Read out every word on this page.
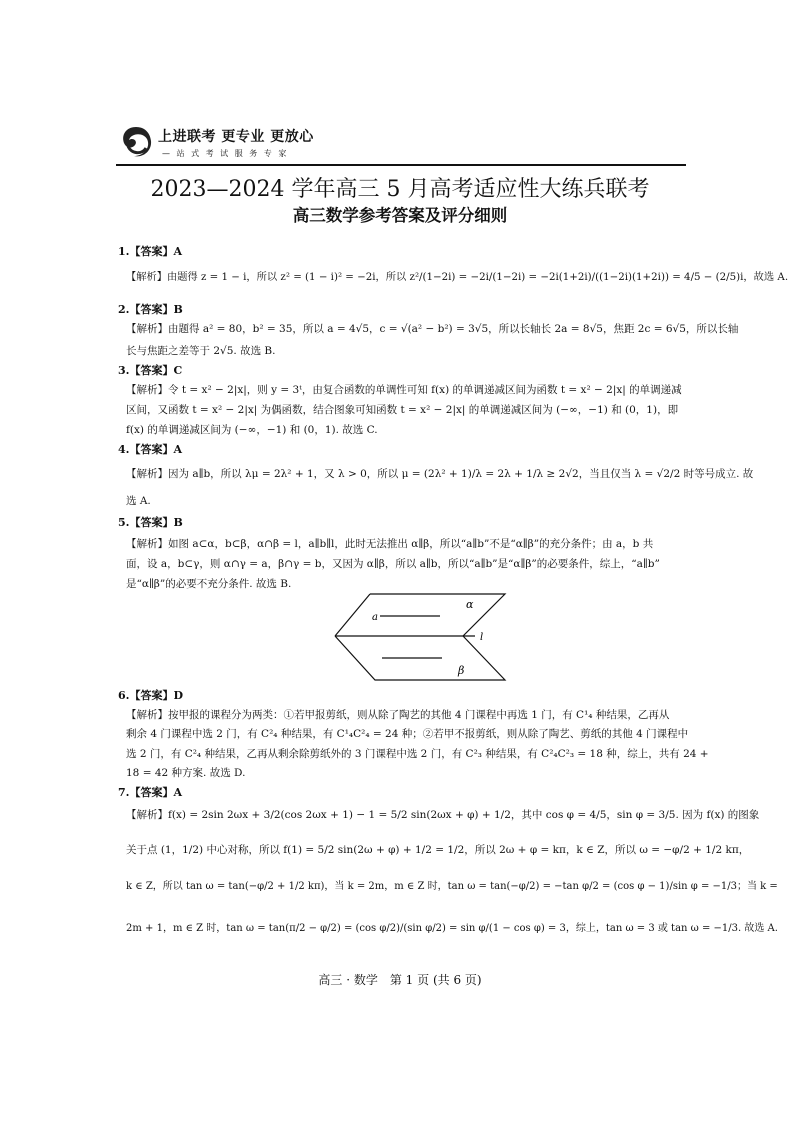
上进联考 更专业 更放心
— 站 式 考 试 服 务 专 家
2023—2024 学年高三 5 月高考适应性大练兵联考
高三数学参考答案及评分细则
1.【答案】A
【解析】由题得 z = 1 − i，所以 z² = (1 − i)² = −2i，所以 z²/(1−2i) = −2i/(1−2i) = −2i(1+2i)/((1−2i)(1+2i)) = 4/5 − (2/5)i，故选 A.
2.【答案】B
【解析】由题得 a² = 80，b² = 35，所以 a = 4√5，c = √(a² − b²) = 3√5，所以长轴长 2a = 8√5，焦距 2c = 6√5，所以长轴
长与焦距之差等于 2√5. 故选 B.
3.【答案】C
【解析】令 t = x² − 2|x|，则 y = 3ᵗ，由复合函数的单调性可知 f(x) 的单调递减区间为函数 t = x² − 2|x| 的单调递减
区间，又函数 t = x² − 2|x| 为偶函数，结合图象可知函数 t = x² − 2|x| 的单调递减区间为 (−∞，−1) 和 (0，1)，即
f(x) 的单调递减区间为 (−∞，−1) 和 (0，1). 故选 C.
4.【答案】A
【解析】因为 a∥b，所以 λμ = 2λ² + 1，又 λ > 0，所以 μ = (2λ² + 1)/λ = 2λ + 1/λ ≥ 2√2，当且仅当 λ = √2/2 时等号成立. 故
选 A.
5.【答案】B
【解析】如图 a⊂α，b⊂β，α∩β = l，a∥b∥l，此时无法推出 α∥β，所以“a∥b”不是“α∥β”的充分条件；由 a，b 共
面，设 a，b⊂γ，则 α∩γ = a，β∩γ = b，又因为 α∥β，所以 a∥b，所以“a∥b”是“α∥β”的必要条件，综上，“a∥b”
是“α∥β”的必要不充分条件. 故选 B.
α
a
l
β
6.【答案】D
【解析】按甲报的课程分为两类：①若甲报剪纸，则从除了陶艺的其他 4 门课程中再选 1 门，有 C¹₄ 种结果，乙再从
剩余 4 门课程中选 2 门，有 C²₄ 种结果，有 C¹₄C²₄ = 24 种；②若甲不报剪纸，则从除了陶艺、剪纸的其他 4 门课程中
选 2 门，有 C²₄ 种结果，乙再从剩余除剪纸外的 3 门课程中选 2 门，有 C²₃ 种结果，有 C²₄C²₃ = 18 种，综上，共有 24 +
18 = 42 种方案. 故选 D.
7.【答案】A
【解析】f(x) = 2sin 2ωx + 3/2(cos 2ωx + 1) − 1 = 5/2 sin(2ωx + φ) + 1/2，其中 cos φ = 4/5，sin φ = 3/5. 因为 f(x) 的图象
关于点 (1，1/2) 中心对称，所以 f(1) = 5/2 sin(2ω + φ) + 1/2 = 1/2，所以 2ω + φ = kπ，k ∈ Z，所以 ω = −φ/2 + 1/2 kπ，
k ∈ Z，所以 tan ω = tan(−φ/2 + 1/2 kπ)，当 k = 2m，m ∈ Z 时，tan ω = tan(−φ/2) = −tan φ/2 = (cos φ − 1)/sin φ = −1/3；当 k =
2m + 1，m ∈ Z 时，tan ω = tan(π/2 − φ/2) = (cos φ/2)/(sin φ/2) = sin φ/(1 − cos φ) = 3，综上，tan ω = 3 或 tan ω = −1/3. 故选 A.
高三 · 数学　第 1 页 (共 6 页)
